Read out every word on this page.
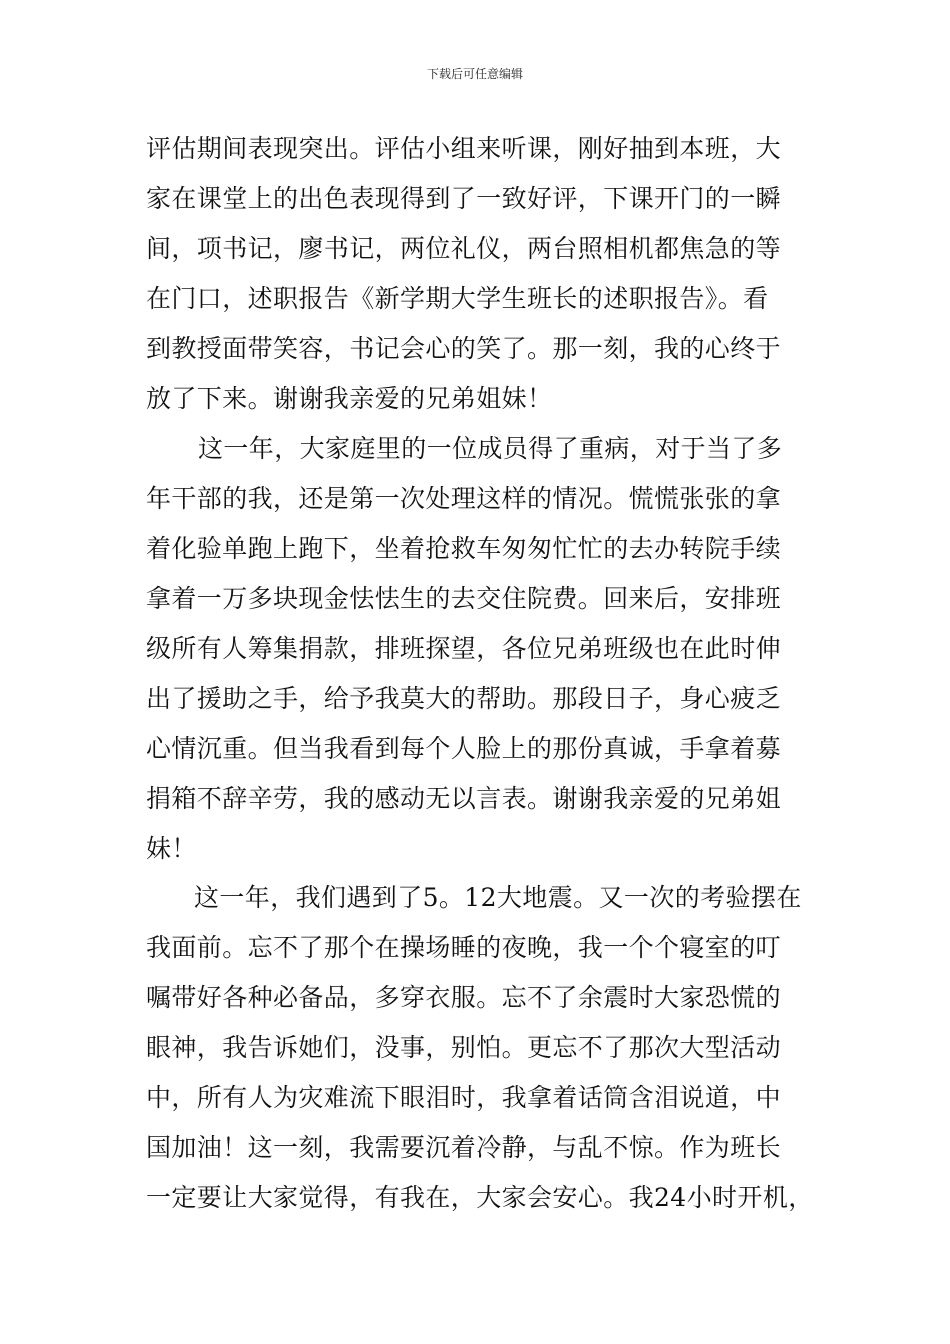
下载后可任意编辑
评估期间表现突出。评估小组来听课，刚好抽到本班，大
家在课堂上的出色表现得到了一致好评，下课开门的一瞬
间，项书记，廖书记，两位礼仪，两台照相机都焦急的等
在门口，述职报告《新学期大学生班长的述职报告》。看
到教授面带笑容，书记会心的笑了。那一刻，我的心终于
放了下来。谢谢我亲爱的兄弟姐妹！
这一年，大家庭里的一位成员得了重病，对于当了多
年干部的我，还是第一次处理这样的情况。慌慌张张的拿
着化验单跑上跑下，坐着抢救车匆匆忙忙的去办转院手续
拿着一万多块现金怯怯生的去交住院费。回来后，安排班
级所有人筹集捐款，排班探望，各位兄弟班级也在此时伸
出了援助之手，给予我莫大的帮助。那段日子，身心疲乏
心情沉重。但当我看到每个人脸上的那份真诚，手拿着募
捐箱不辞辛劳，我的感动无以言表。谢谢我亲爱的兄弟姐
妹！
这一年，我们遇到了5。12大地震。又一次的考验摆在
我面前。忘不了那个在操场睡的夜晚，我一个个寝室的叮
嘱带好各种必备品，多穿衣服。忘不了余震时大家恐慌的
眼神，我告诉她们，没事，别怕。更忘不了那次大型活动
中，所有人为灾难流下眼泪时，我拿着话筒含泪说道，中
国加油！这一刻，我需要沉着冷静，与乱不惊。作为班长
一定要让大家觉得，有我在，大家会安心。我24小时开机，
